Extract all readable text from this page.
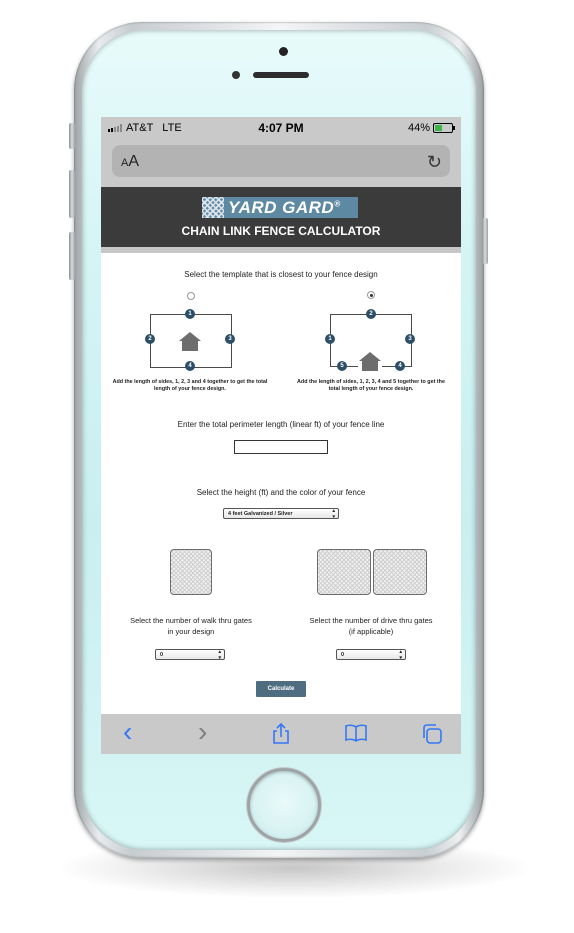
AT&T LTE	4:07 PM	44%
AA	↻
YARD GARD®
CHAIN LINK FENCE CALCULATOR
Select the template that is closest to your fence design
1
2	3
4
Add the length of sides, 1, 2, 3 and 4 together to get the total length of your fence design.
2
1	3
5	4
Add the length of sides, 1, 2, 3, 4 and 5 together to get the total length of your fence design.
Enter the total perimeter length (linear ft) of your fence line
Select the height (ft) and the color of your fence
4 feet Galvanized / Silver	▴
▾
Select the number of walk thru gates
in your design
Select the number of drive thru gates
(if applicable)
0	▴
▾	0	▴
▾
Calculate
‹ ›
